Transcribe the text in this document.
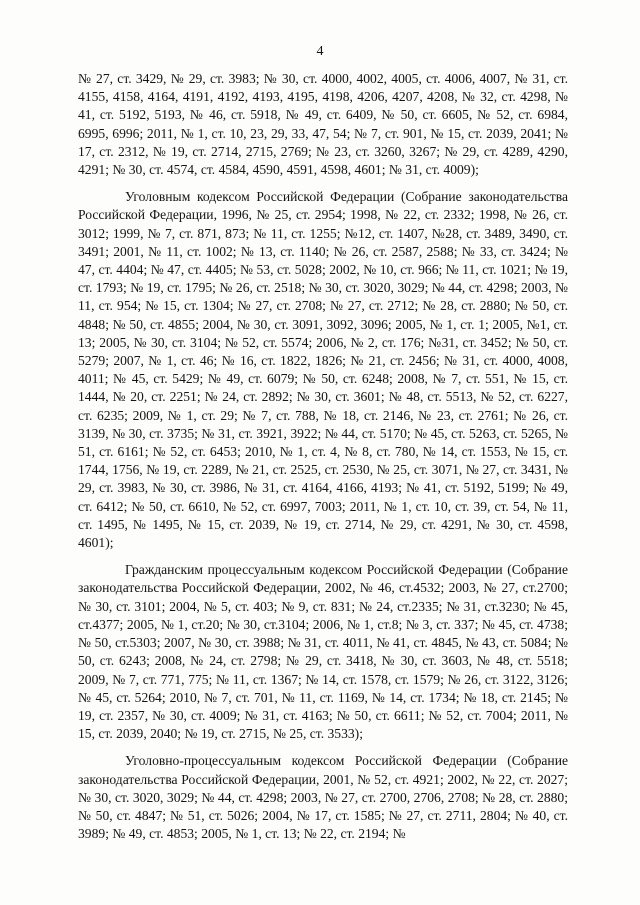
4

№ 27, ст. 3429, № 29, ст. 3983; № 30, ст. 4000, 4002, 4005, ст. 4006, 4007, № 31, ст. 4155, 4158, 4164, 4191, 4192, 4193, 4195, 4198, 4206, 4207, 4208, № 32, ст. 4298, № 41, ст. 5192, 5193, № 46, ст. 5918, № 49, ст. 6409, № 50, ст. 6605, № 52, ст. 6984, 6995, 6996; 2011, № 1, ст. 10, 23, 29, 33, 47, 54; № 7, ст. 901, № 15, ст. 2039, 2041; № 17, ст. 2312, № 19, ст. 2714, 2715, 2769; № 23, ст. 3260, 3267; № 29, ст. 4289, 4290, 4291; № 30, ст. 4574, ст. 4584, 4590, 4591, 4598, 4601; № 31, ст. 4009);

Уголовным кодексом Российской Федерации (Собрание законодательства Российской Федерации, 1996, № 25, ст. 2954; 1998, № 22, ст. 2332; 1998, № 26, ст. 3012; 1999, № 7, ст. 871, 873; № 11, ст. 1255; №12, ст. 1407, №28, ст. 3489, 3490, ст. 3491; 2001, № 11, ст. 1002; № 13, ст. 1140; № 26, ст. 2587, 2588; № 33, ст. 3424; № 47, ст. 4404; № 47, ст. 4405; № 53, ст. 5028; 2002, № 10, ст. 966; № 11, ст. 1021; № 19, ст. 1793; № 19, ст. 1795; № 26, ст. 2518; № 30, ст. 3020, 3029; № 44, ст. 4298; 2003, № 11, ст. 954; № 15, ст. 1304; № 27, ст. 2708; № 27, ст. 2712; № 28, ст. 2880; № 50, ст. 4848; № 50, ст. 4855; 2004, № 30, ст. 3091, 3092, 3096; 2005, № 1, ст. 1; 2005, №1, ст. 13; 2005, № 30, ст. 3104; № 52, ст. 5574; 2006, № 2, ст. 176; №31, ст. 3452; № 50, ст. 5279; 2007, № 1, ст. 46; № 16, ст. 1822, 1826; № 21, ст. 2456; № 31, ст. 4000, 4008, 4011; № 45, ст. 5429; № 49, ст. 6079; № 50, ст. 6248; 2008, № 7, ст. 551, № 15, ст. 1444, № 20, ст. 2251; № 24, ст. 2892; № 30, ст. 3601; № 48, ст. 5513, № 52, ст. 6227, ст. 6235; 2009, № 1, ст. 29; № 7, ст. 788, № 18, ст. 2146, № 23, ст. 2761; № 26, ст. 3139, № 30, ст. 3735; № 31, ст. 3921, 3922; № 44, ст. 5170; № 45, ст. 5263, ст. 5265, № 51, ст. 6161; № 52, ст. 6453; 2010, № 1, ст. 4, № 8, ст. 780, № 14, ст. 1553, № 15, ст. 1744, 1756, № 19, ст. 2289, № 21, ст. 2525, ст. 2530, № 25, ст. 3071, № 27, ст. 3431, № 29, ст. 3983, № 30, ст. 3986, № 31, ст. 4164, 4166, 4193; № 41, ст. 5192, 5199; № 49, ст. 6412; № 50, ст. 6610, № 52, ст. 6997, 7003; 2011, № 1, ст. 10, ст. 39, ст. 54, № 11, ст. 1495, № 1495, № 15, ст. 2039, № 19, ст. 2714, № 29, ст. 4291, № 30, ст. 4598, 4601);

Гражданским процессуальным кодексом Российской Федерации (Собрание законодательства Российской Федерации, 2002, № 46, ст.4532; 2003, № 27, ст.2700; № 30, ст. 3101; 2004, № 5, ст. 403; № 9, ст. 831; № 24, ст.2335; № 31, ст.3230; № 45, ст.4377; 2005, № 1, ст.20; № 30, ст.3104; 2006, № 1, ст.8; № 3, ст. 337; № 45, ст. 4738; № 50, ст.5303; 2007, № 30, ст. 3988; № 31, ст. 4011, № 41, ст. 4845, № 43, ст. 5084; № 50, ст. 6243; 2008, № 24, ст. 2798; № 29, ст. 3418, № 30, ст. 3603, № 48, ст. 5518; 2009, № 7, ст. 771, 775; № 11, ст. 1367; № 14, ст. 1578, ст. 1579; № 26, ст. 3122, 3126; № 45, ст. 5264; 2010, № 7, ст. 701, № 11, ст. 1169, № 14, ст. 1734; № 18, ст. 2145; № 19, ст. 2357, № 30, ст. 4009; № 31, ст. 4163; № 50, ст. 6611; № 52, ст. 7004; 2011, № 15, ст. 2039, 2040; № 19, ст. 2715, № 25, ст. 3533);

Уголовно-процессуальным кодексом Российской Федерации (Собрание законодательства Российской Федерации, 2001, № 52, ст. 4921; 2002, № 22, ст. 2027; № 30, ст. 3020, 3029; № 44, ст. 4298; 2003, № 27, ст. 2700, 2706, 2708; № 28, ст. 2880; № 50, ст. 4847; № 51, ст. 5026; 2004, № 17, ст. 1585; № 27, ст. 2711, 2804; № 40, ст. 3989; № 49, ст. 4853; 2005, № 1, ст. 13; № 22, ст. 2194; №
